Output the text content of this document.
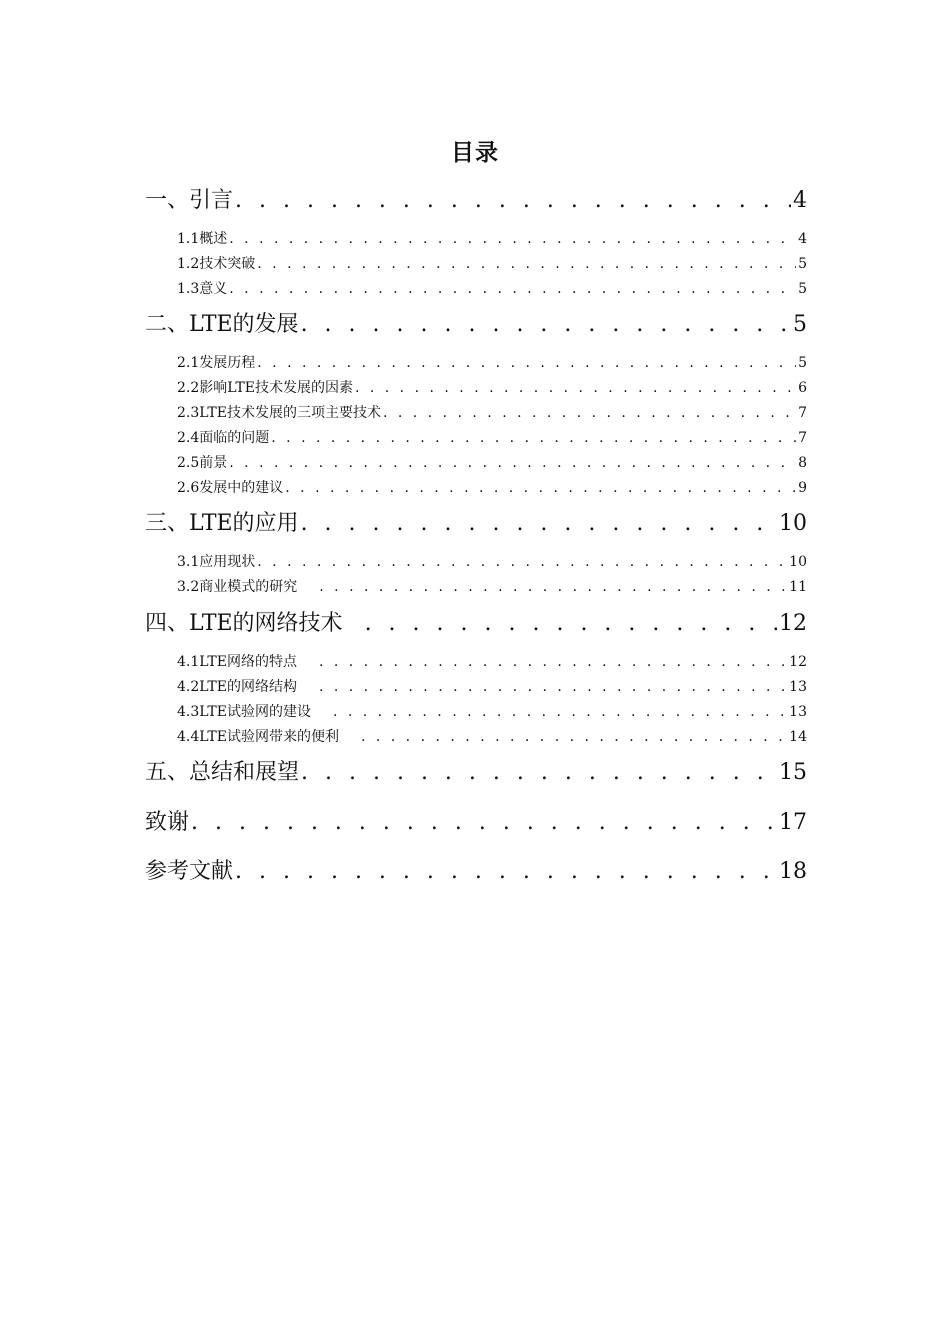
目录
一、引言 . . .	4
1.1概述 . . .	4
1.2技术突破 . . .	5
1.3意义 . . .	5
二、LTE的发展 . . .	5
2.1发展历程 . . .	5
2.2影响LTE技术发展的因素 . . .	6
2.3LTE技术发展的三项主要技术 . . .	7
2.4面临的问题 . . .	7
2.5前景 . . .	8
2.6发展中的建议 . . .	9
三、LTE的应用 . . .	10
3.1应用现状 . . .	10
3.2商业模式的研究 . . .	11
四、LTE的网络技术 . . .	12
4.1LTE网络的特点 . . .	12
4.2LTE的网络结构 . . .	13
4.3LTE试验网的建设 . . .	13
4.4LTE试验网带来的便利 . . .	14
五、总结和展望 . . .	15
致谢 . . .	17
参考文献 . . .	18
